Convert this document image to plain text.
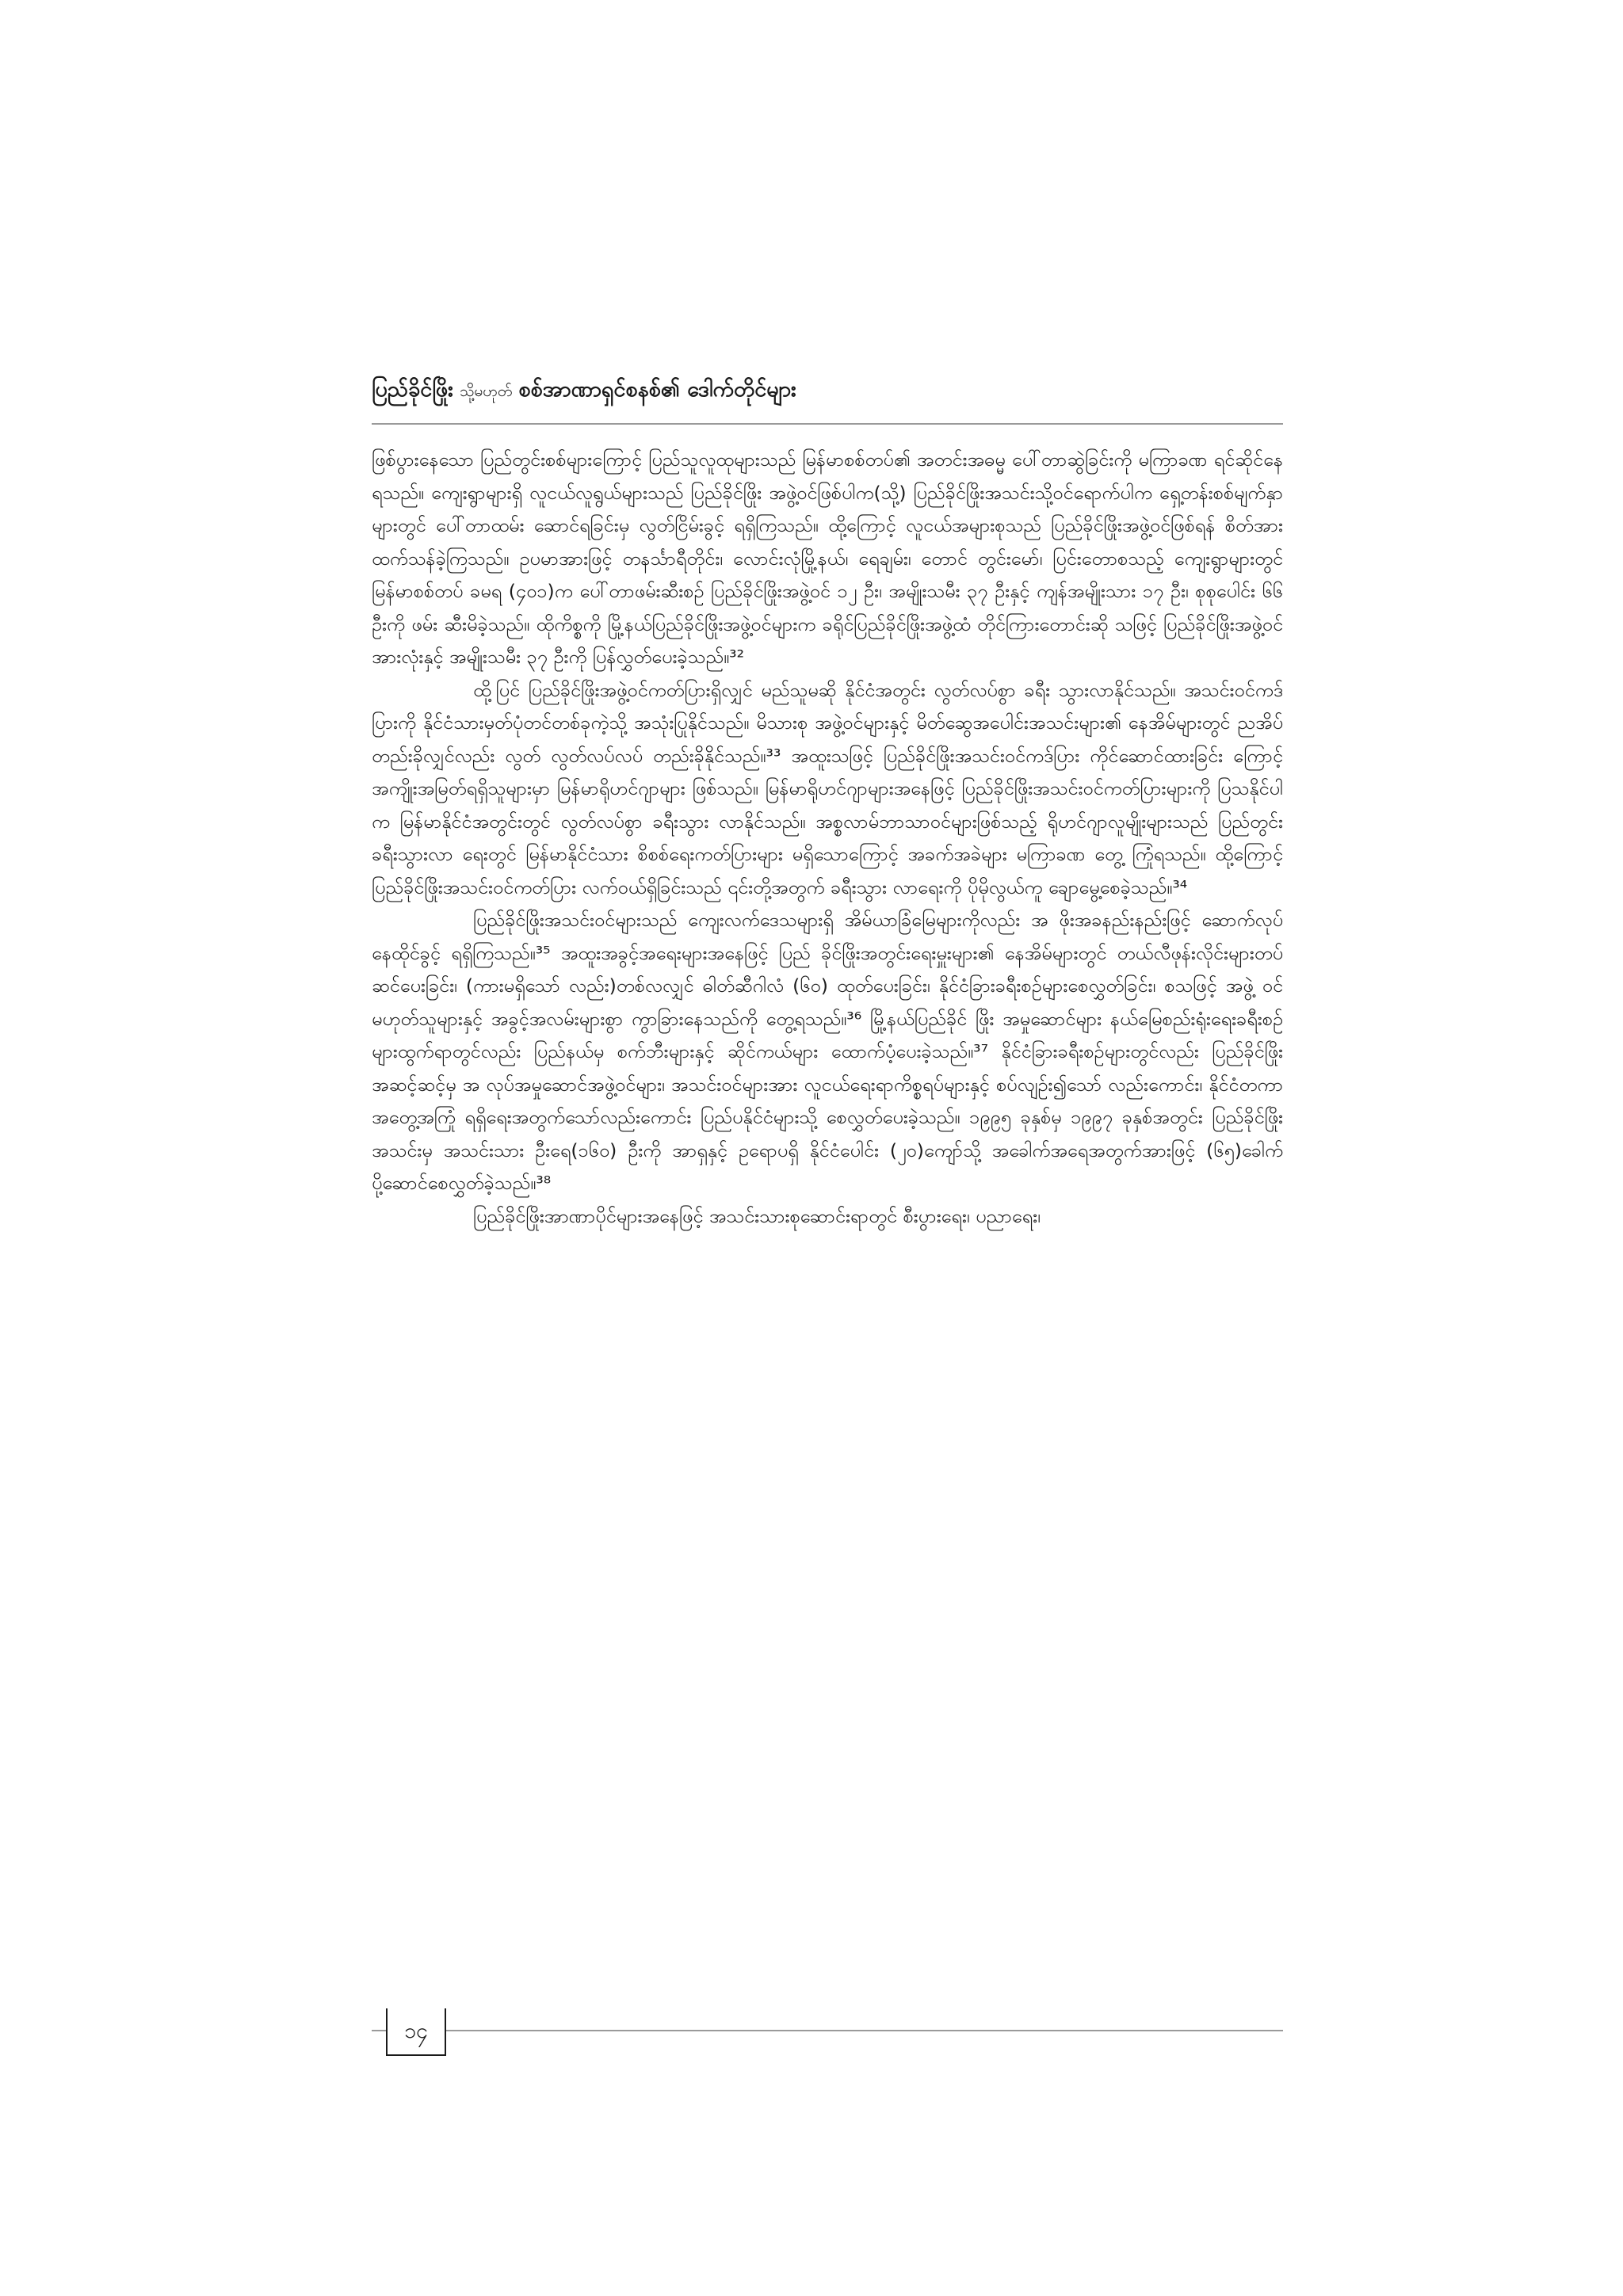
ပြည်ခိုင်ဖြိုး သို့မဟုတ် စစ်အာဏာရှင်စနစ်၏ ဒေါက်တိုင်များ

ဖြစ်ပွားနေသော ပြည်တွင်းစစ်များကြောင့် ပြည်သူလူထုများသည် မြန်မာစစ်တပ်၏ အတင်းအဓမ္မ ပေါ်တာဆွဲခြင်းကို မကြာခဏ ရင်ဆိုင်နေရသည်။ ကျေးရွာများရှိ လူငယ်လူရွယ်များသည် ပြည်ခိုင်ဖြိုး အဖွဲ့ဝင်ဖြစ်ပါက(သို့) ပြည်ခိုင်ဖြိုးအသင်းသို့ဝင်ရောက်ပါက ရှေ့တန်းစစ်မျက်နှာများတွင် ပေါ်တာထမ်း ဆောင်ရခြင်းမှ လွတ်ငြိမ်းခွင့် ရရှိကြသည်။ ထို့ကြောင့် လူငယ်အများစုသည် ပြည်ခိုင်ဖြိုးအဖွဲ့ဝင်ဖြစ်ရန် စိတ်အားထက်သန်ခဲ့ကြသည်။ ဥပမာအားဖြင့် တနင်္သာရီတိုင်း၊ လောင်းလုံမြို့နယ်၊ ရေချမ်း၊ တောင် တွင်းမော်၊ ပြင်းတောစသည့် ကျေးရွာများတွင် မြန်မာစစ်တပ် ခမရ (၄၀၁)က ပေါ်တာဖမ်းဆီးစဉ် ပြည်ခိုင်ဖြိုးအဖွဲ့ဝင် ၁၂ ဦး၊ အမျိုးသမီး ၃၇ ဦးနှင့် ကျန်အမျိုးသား ၁၇ ဦး၊ စုစုပေါင်း ၆၆ ဦးကို ဖမ်း ဆီးမိခဲ့သည်။ ထိုကိစ္စကို မြို့နယ်ပြည်ခိုင်ဖြိုးအဖွဲ့ဝင်များက ခရိုင်ပြည်ခိုင်ဖြိုးအဖွဲ့ထံ တိုင်ကြားတောင်းဆို သဖြင့် ပြည်ခိုင်ဖြိုးအဖွဲ့ဝင်အားလုံးနှင့် အမျိုးသမီး ၃၇ ဦးကို ပြန်လွှတ်ပေးခဲ့သည်။³²

ထို့ပြင် ပြည်ခိုင်ဖြိုးအဖွဲ့ဝင်ကတ်ပြားရှိလျှင် မည်သူမဆို နိုင်ငံအတွင်း လွတ်လပ်စွာ ခရီး သွားလာနိုင်သည်။ အသင်းဝင်ကဒ်ပြားကို နိုင်ငံသားမှတ်ပုံတင်တစ်ခုကဲ့သို့ အသုံးပြုနိုင်သည်။ မိသားစု အဖွဲ့ဝင်များနှင့် မိတ်ဆွေအပေါင်းအသင်းများ၏ နေအိမ်များတွင် ညအိပ်တည်းခိုလျှင်လည်း လွတ် လွတ်လပ်လပ် တည်းခိုနိုင်သည်။³³ အထူးသဖြင့် ပြည်ခိုင်ဖြိုးအသင်းဝင်ကဒ်ပြား ကိုင်ဆောင်ထားခြင်း ကြောင့် အကျိုးအမြတ်ရရှိသူများမှာ မြန်မာရိုဟင်ဂျာများ ဖြစ်သည်။ မြန်မာရိုဟင်ဂျာများအနေဖြင့် ပြည်ခိုင်ဖြိုးအသင်းဝင်ကတ်ပြားများကို ပြသနိုင်ပါက မြန်မာနိုင်ငံအတွင်းတွင် လွတ်လပ်စွာ ခရီးသွား လာနိုင်သည်။ အစ္စလာမ်ဘာသာဝင်များဖြစ်သည့် ရိုဟင်ဂျာလူမျိုးများသည် ပြည်တွင်း ခရီးသွားလာ ရေးတွင် မြန်မာနိုင်ငံသား စိစစ်ရေးကတ်ပြားများ မရှိသောကြောင့် အခက်အခဲများ မကြာခဏ တွေ့ ကြုံရသည်။ ထို့ကြောင့် ပြည်ခိုင်ဖြိုးအသင်းဝင်ကတ်ပြား လက်ဝယ်ရှိခြင်းသည် ၎င်းတို့အတွက် ခရီးသွား လာရေးကို ပိုမိုလွယ်ကူ ချောမွေ့စေခဲ့သည်။³⁴

ပြည်ခိုင်ဖြိုးအသင်းဝင်များသည် ကျေးလက်ဒေသများရှိ အိမ်ယာခြံမြေများကိုလည်း အ ဖိုးအခနည်းနည်းဖြင့် ဆောက်လုပ်နေထိုင်ခွင့် ရရှိကြသည်။³⁵ အထူးအခွင့်အရေးများအနေဖြင့် ပြည် ခိုင်ဖြိုးအတွင်းရေးမှူးများ၏ နေအိမ်များတွင် တယ်လီဖုန်းလိုင်းများတပ်ဆင်ပေးခြင်း၊ (ကားမရှိသော် လည်း)တစ်လလျှင် ဓါတ်ဆီဂါလံ (၆၀) ထုတ်ပေးခြင်း၊ နိုင်ငံခြားခရီးစဉ်များစေလွှတ်ခြင်း၊ စသဖြင့် အဖွဲ့ ဝင်မဟုတ်သူများနှင့် အခွင့်အလမ်းများစွာ ကွာခြားနေသည်ကို တွေ့ရသည်။³⁶ မြို့နယ်ပြည်ခိုင် ဖြိုး အမှုဆောင်များ နယ်မြေစည်းရုံးရေးခရီးစဉ်များထွက်ရာတွင်လည်း ပြည်နယ်မှ စက်ဘီးများနှင့် ဆိုင်ကယ်များ ထောက်ပံ့ပေးခဲ့သည်။³⁷ နိုင်ငံခြားခရီးစဉ်များတွင်လည်း ပြည်ခိုင်ဖြိုးအဆင့်ဆင့်မှ အ လုပ်အမှုဆောင်အဖွဲ့ဝင်များ၊ အသင်းဝင်များအား လူငယ်ရေးရာကိစ္စရပ်များနှင့် စပ်လျဉ်း၍သော် လည်းကောင်း၊ နိုင်ငံတကာအတွေ့အကြုံ ရရှိရေးအတွက်သော်လည်းကောင်း ပြည်ပနိုင်ငံများသို့ စေလွှတ်ပေးခဲ့သည်။ ၁၉၉၅ ခုနှစ်မှ ၁၉၉၇ ခုနှစ်အတွင်း ပြည်ခိုင်ဖြိုးအသင်းမှ အသင်းသား ဦးရေ(၁၆၀) ဦးကို အာရှနှင့် ဥရောပရှိ နိုင်ငံပေါင်း (၂၀)ကျော်သို့ အခေါက်အရေအတွက်အားဖြင့် (၆၅)ခေါက် ပို့ဆောင်စေလွှတ်ခဲ့သည်။³⁸

ပြည်ခိုင်ဖြိုးအာဏာပိုင်များအနေဖြင့် အသင်းသားစုဆောင်းရာတွင် စီးပွားရေး၊ ပညာရေး၊

၁၄
